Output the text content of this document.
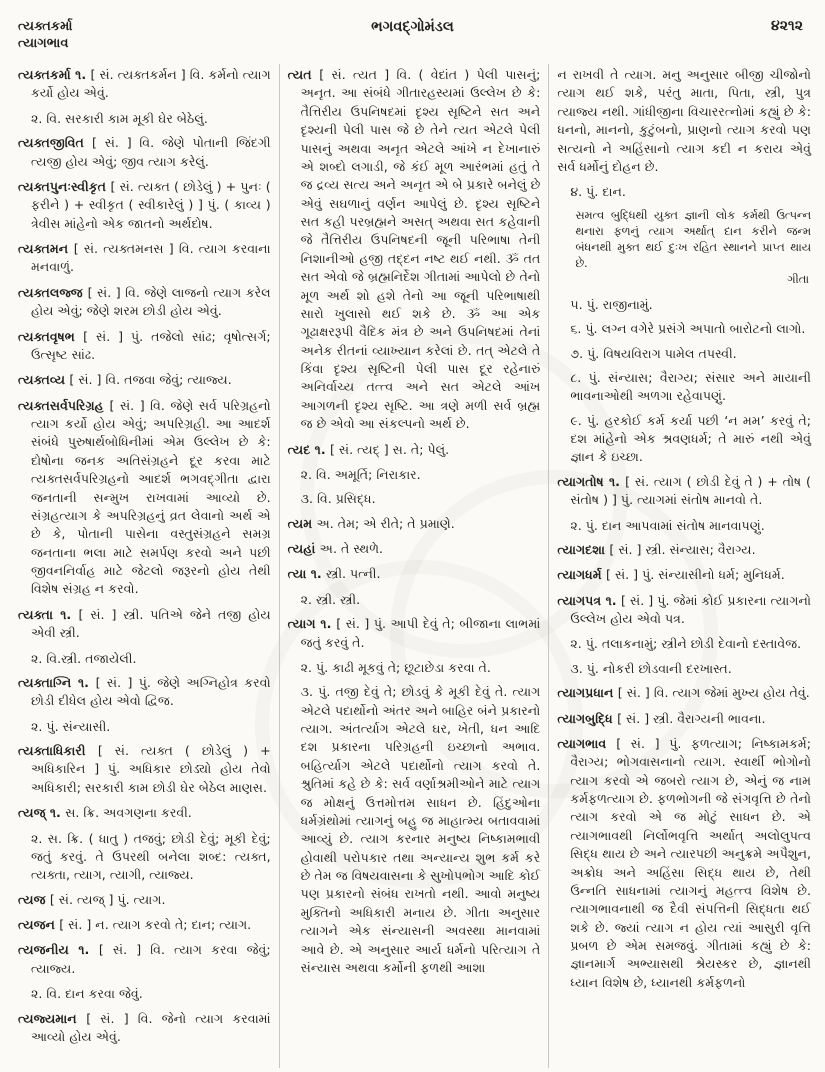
ત્યક્તકર્મા
ત્યાગભાવ
ભગવદ્ગોમંડલ	૪૨૧૨

ત્યક્તકર્મા ૧. [ સં. ત્યક્તકર્મન ] વિ. કર્મનો ત્યાગ કર્યો હોય એવું.

૨. વિ. સરકારી કામ મૂકી ઘેર બેઠેલું.

ત્યક્તજીવિત [ સં. ] વિ. જેણે પોતાની જિંદગી ત્યજી હોય એવું; જીવ ત્યાગ કરેલું.

ત્યક્તપુનઃસ્વીકૃત [ સં. ત્યક્ત ( છોડેલું ) + પુનઃ ( ફરીને ) + સ્વીકૃત ( સ્વીકારેલું ) ] પું. ( કાવ્ય ) ત્રેવીસ માંહેનો એક જાતનો અર્થદોષ.

ત્યક્તમન [ સં. ત્યક્તમનસ ] વિ. ત્યાગ કરવાના મનવાળું.

ત્યક્તલજ્જ [ સં. ] વિ. જેણે લાજનો ત્યાગ કરેલ હોય એવું; જેણે શરમ છોડી હોય એવું.

ત્યક્તવૃષભ [ સં. ] પું. તજેલો સાંઢ; વૃષોત્સર્ગ; ઉત્સૃષ્ટ સાંઢ.

ત્યક્તવ્ય [ સં. ] વિ. તજવા જેવું; ત્યાજ્ય.

ત્યક્તસર્વપરિગ્રહ [ સં. ] વિ. જેણે સર્વ પરિગ્રહનો ત્યાગ કર્યો હોય એવું; અપરિગ્રહી. આ આદર્શ સંબંધે પુરુષાર્થબોધિનીમાં એમ ઉલ્લેખ છે કે: દોષોના જનક અતિસંગ્રહને દૂર કરવા માટે ત્યક્તસર્વપરિગ્રહનો આદર્શ ભગવદ્ગીતા દ્વારા જનતાની સન્મુખ રાખવામાં આવ્યો છે. સંગ્રહત્યાગ કે અપરિગ્રહનું વ્રત લેવાનો અર્થ એ છે કે, પોતાની પાસેના વસ્તુસંગ્રહને સમગ્ર જનતાના ભલા માટે સમર્પણ કરવો અને પછી જીવનનિર્વાહ માટે જેટલો જરૂરનો હોય તેથી વિશેષ સંગ્રહ ન કરવો.

ત્યક્તા ૧. [ સં. ] સ્ત્રી. પતિએ જેને તજી હોય એવી સ્ત્રી.

૨. વિ.સ્ત્રી. તજાયેલી.

ત્યક્તાગ્નિ ૧. [ સં. ] પું. જેણે અગ્નિહોત્ર કરવો છોડી દીધેલ હોય એવો દ્વિજ.

૨. પું. સંન્યાસી.

ત્યક્તાધિકારી [ સં. ત્યક્ત ( છોડેલું ) + અધિકારિન ] પું. અધિકાર છોડ્યો હોય તેવો અધિકારી; સરકારી કામ છોડી ઘેર બેઠેલ માણસ.

ત્યજ્ ૧. સ. ક્રિ. અવગણના કરવી.

૨. સ. ક્રિ. ( ધાતુ ) તજવું; છોડી દેવું; મૂકી દેવું; જતું કરવું. તે ઉપરથી બનેલા શબ્દ: ત્યક્ત, ત્યક્તા, ત્યાગ, ત્યાગી, ત્યાજ્ય.

ત્યજ [ સં. ત્યજ્ ] પું. ત્યાગ.

ત્યજન [ સં. ] ન. ત્યાગ કરવો તે; દાન; ત્યાગ.

ત્યજનીય ૧. [ સં. ] વિ. ત્યાગ કરવા જેવું; ત્યાજ્ય.

૨. વિ. દાન કરવા જેવું.

ત્યજ્યમાન [ સં. ] વિ. જેનો ત્યાગ કરવામાં આવ્યો હોય એવું.

ત્યત [ સં. ત્યત ] વિ. ( વેદાંત ) પેલી પાસનું; અનૃત. આ સંબંધે ગીતારહસ્યમાં ઉલ્લેખ છે કે: તૈત્તિરીય ઉપનિષદમાં દૃશ્ય સૃષ્ટિને સત અને દૃશ્યની પેલી પાસ જે છે તેને ત્યત એટલે પેલી પાસનું અથવા અનૃત એટલે આંખે ન દેખાનારું એ શબ્દો લગાડી, જે કંઈ મૂળ આરંભમાં હતું તે જ દ્રવ્ય સત્ય અને અનૃત એ બે પ્રકારે બનેલું છે એવું સઘળાનું વર્ણન આપેલું છે. દૃશ્ય સૃષ્ટિને સત કહી પરબ્રહ્મને અસત્ અથવા સત કહેવાની જે તૈત્તિરીય ઉપનિષદની જૂની પરિભાષા તેની નિશાનીઓ હજી તદ્દન નષ્ટ થઈ નથી. ૐ તત સત એવો જે બ્રહ્મનિર્દેશ ગીતામાં આપેલો છે તેનો મૂળ અર્થ શો હશે તેનો આ જૂની પરિભાષાથી સારો ખુલાસો થઈ શકે છે. ૐ આ એક ગૂઢાક્ષરરૂપી વૈદિક મંત્ર છે અને ઉપનિષદમાં તેનાં અનેક રીતનાં વ્યાખ્યાન કરેલાં છે. તત્ એટલે તે કિંવા દૃશ્ય સૃષ્ટિની પેલી પાસ દૂર રહેનારું અનિર્વાચ્ય તત્ત્વ અને સત એટલે આંખ આગળની દૃશ્ય સૃષ્ટિ. આ ત્રણે મળી સર્વ બ્રહ્મ જ છે એવો આ સંકલ્પનો અર્થ છે.

ત્યદ ૧. [ સં. ત્યદ્ ] સ. તે; પેલું.

૨. વિ. અમૂર્તિ; નિરાકાર.

૩. વિ. પ્રસિદ્ધ.

ત્યમ અ. તેમ; એ રીતે; તે પ્રમાણે.

ત્યહાં અ. તે સ્થળે.

ત્યા ૧. સ્ત્રી. પત્ની.

૨. સ્ત્રી. સ્ત્રી.

ત્યાગ ૧. [ સં. ] પું. આપી દેવું તે; બીજાના લાભમાં જતું કરવું તે.

૨. પું. કાઢી મૂકવું તે; છૂટાછેડા કરવા તે.

૩. પું. તજી દેવું તે; છોડવું કે મૂકી દેવું તે. ત્યાગ એટલે પદાર્થોનો અંતર અને બાહિર બંને પ્રકારનો ત્યાગ. અંતર્ત્યાગ એટલે ઘર, ખેતી, ધન આદિ દશ પ્રકારના પરિગ્રહની ઇચ્છાનો અભાવ. બહિર્ત્યાગ એટલે પદાર્થોનો ત્યાગ કરવો તે. શ્રુતિમાં કહે છે કે: સર્વ વર્ણાશ્રમીઓને માટે ત્યાગ જ મોક્ષનું ઉત્તમોત્તમ સાધન છે. હિંદુઓના ધર્મગ્રંથોમાં ત્યાગનું બહુ જ માહાત્મ્ય બતાવવામાં આવ્યું છે. ત્યાગ કરનાર મનુષ્ય નિષ્કામભાવી હોવાથી પરોપકાર તથા અન્યાન્ય શુભ કર્મ કરે છે તેમ જ વિષયવાસના કે સુખોપભોગ આદિ કોઈ પણ પ્રકારનો સંબંધ રાખતો નથી. આવો મનુષ્ય મુક્તિનો અધિકારી મનાય છે. ગીતા અનુસાર ત્યાગને એક સંન્યાસની અવસ્થા માનવામાં આવે છે. એ અનુસાર આર્ય ધર્મનો પરિત્યાગ તે સંન્યાસ અથવા કર્મોની ફળથી આશા

ન રાખવી તે ત્યાગ. મનુ અનુસાર બીજી ચીજોનો ત્યાગ થઈ શકે, પરંતુ માતા, પિતા, સ્ત્રી, પુત્ર ત્યાજ્ય નથી. ગાંધીજીના વિચારરત્નોમાં કહ્યું છે કે: ધનનો, માનનો, કુટુંબનો, પ્રાણનો ત્યાગ કરવો પણ સત્યનો ને અહિંસાનો ત્યાગ કદી ન કરાય એવું સર્વ ધર્મોનું દોહન છે.

૪. પું. દાન.

સમત્વ બુદ્ધિથી યુક્ત જ્ઞાની લોક કર્મથી ઉત્પન્ન થનારા ફળનું ત્યાગ અર્થાત્ દાન કરીને જન્મ બંધનથી મુક્ત થઈ દુઃખ રહિત સ્થાનને પ્રાપ્ત થાય છે.
ગીતા

૫. પું. રાજીનામું.

૬. પું. લગ્ન વગેરે પ્રસંગે અપાતો બારોટનો લાગો.

૭. પું. વિષયવિરાગ પામેલ તપસ્વી.

૮. પું. સંન્યાસ; વૈરાગ્ય; સંસાર અને માયાની ભાવનાઓથી અળગા રહેવાપણું.

૯. પું. હરકોઈ કર્મ કર્યા પછી ‘ન મમ’ કરવું તે; દશ માંહેનો એક શ્રવણધર્મ; તે મારું નથી એવું જ્ઞાન કે ઇચ્છા.

ત્યાગતોષ ૧. [ સં. ત્યાગ ( છોડી દેવું તે ) + તોષ ( સંતોષ ) ] પું. ત્યાગમાં સંતોષ માનવો તે.

૨. પું. દાન આપવામાં સંતોષ માનવાપણું.

ત્યાગદશા [ સં. ] સ્ત્રી. સંન્યાસ; વૈરાગ્ય.

ત્યાગધર્મ [ સં. ] પું. સંન્યાસીનો ધર્મ; મુનિધર્મ.

ત્યાગપત્ર ૧. [ સં. ] પું. જેમાં કોઈ પ્રકારના ત્યાગનો ઉલ્લેખ હોય એવો પત્ર.

૨. પું. તલાકનામું; સ્ત્રીને છોડી દેવાનો દસ્તાવેજ.

૩. પું. નોકરી છોડવાની દરખાસ્ત.

ત્યાગપ્રધાન [ સં. ] વિ. ત્યાગ જેમાં મુખ્ય હોય તેવું.

ત્યાગબુદ્ધિ [ સં. ] સ્ત્રી. વૈરાગ્યની ભાવના.

ત્યાગભાવ [ સં. ] પું. ફળત્યાગ; નિષ્કામકર્મ; વૈરાગ્ય; ભોગવાસનાનો ત્યાગ. સ્વાર્થી ભોગોનો ત્યાગ કરવો એ જબરો ત્યાગ છે, એનું જ નામ કર્મફળત્યાગ છે. ફળભોગની જે સંગવૃત્તિ છે તેનો ત્યાગ કરવો એ જ મોટું સાધન છે. એ ત્યાગભાવથી નિર્લોભવૃત્તિ અર્થાત્ અલોલુપત્વ સિદ્ધ થાય છે અને ત્યારપછી અનુક્રમે અપૈશુન, અક્રોધ અને અહિંસા સિદ્ધ થાય છે, તેથી ઉન્નતિ સાધનામાં ત્યાગનું મહત્ત્વ વિશેષ છે. ત્યાગભાવનાથી જ દૈવી સંપત્તિની સિદ્ધતા થઈ શકે છે. જ્યાં ત્યાગ ન હોય ત્યાં આસુરી વૃત્તિ પ્રબળ છે એમ સમજવું. ગીતામાં કહ્યું છે કે: જ્ઞાનમાર્ગ અભ્યાસથી શ્રેયસ્કર છે, જ્ઞાનથી ધ્યાન વિશેષ છે, ધ્યાનથી કર્મફળનો
